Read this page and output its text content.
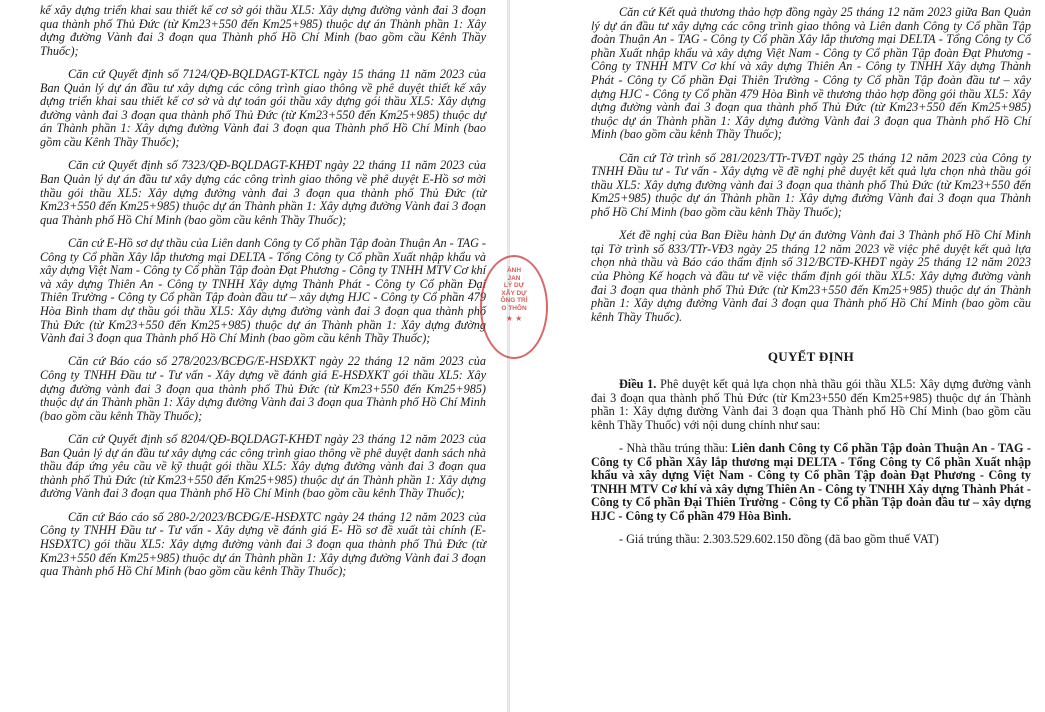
kế xây dựng triển khai sau thiết kế cơ sở gói thầu XL5: Xây dựng đường vành đai 3 đoạn qua thành phố Thủ Đức (từ Km23+550 đến Km25+985) thuộc dự án Thành phần 1: Xây dựng đường Vành đai 3 đoạn qua Thành phố Hồ Chí Minh (bao gồm cầu Kênh Thầy Thuốc);

Căn cứ Quyết định số 7124/QĐ-BQLDAGT-KTCL ngày 15 tháng 11 năm 2023 của Ban Quản lý dự án đầu tư xây dựng các công trình giao thông về phê duyệt thiết kế xây dựng triển khai sau thiết kế cơ sở và dự toán gói thầu xây dựng gói thầu XL5: Xây dựng đường vành đai 3 đoạn qua thành phố Thủ Đức (từ Km23+550 đến Km25+985) thuộc dự án Thành phần 1: Xây dựng đường Vành đai 3 đoạn qua Thành phố Hồ Chí Minh (bao gồm cầu Kênh Thầy Thuốc);

Căn cứ Quyết định số 7323/QĐ-BQLDAGT-KHĐT ngày 22 tháng 11 năm 2023 của Ban Quản lý dự án đầu tư xây dựng các công trình giao thông về phê duyệt E-Hồ sơ mời thầu gói thầu XL5: Xây dựng đường vành đai 3 đoạn qua thành phố Thủ Đức (từ Km23+550 đến Km25+985) thuộc dự án Thành phần 1: Xây dựng đường Vành đai 3 đoạn qua Thành phố Hồ Chí Minh (bao gồm cầu kênh Thầy Thuốc);

Căn cứ E-Hồ sơ dự thầu của Liên danh Công ty Cổ phần Tập đoàn Thuận An - TAG - Công ty Cổ phần Xây lắp thương mại DELTA - Tổng Công ty Cổ phần Xuất nhập khẩu và xây dựng Việt Nam - Công ty Cổ phần Tập đoàn Đạt Phương - Công ty TNHH MTV Cơ khí và xây dựng Thiên An - Công ty TNHH Xây dựng Thành Phát - Công ty Cổ phần Đại Thiên Trường - Công ty Cổ phần Tập đoàn đầu tư – xây dựng HJC - Công ty Cổ phần 479 Hòa Bình tham dự thầu gói thầu XL5: Xây dựng đường vành đai 3 đoạn qua thành phố Thủ Đức (từ Km23+550 đến Km25+985) thuộc dự án Thành phần 1: Xây dựng đường Vành đai 3 đoạn qua Thành phố Hồ Chí Minh (bao gồm cầu kênh Thầy Thuốc);

Căn cứ Báo cáo số 278/2023/BCĐG/E-HSĐXKT ngày 22 tháng 12 năm 2023 của Công ty TNHH Đầu tư - Tư vấn - Xây dựng về đánh giá E-HSĐXKT gói thầu XL5: Xây dựng đường vành đai 3 đoạn qua thành phố Thủ Đức (từ Km23+550 đến Km25+985) thuộc dự án Thành phần 1: Xây dựng đường Vành đai 3 đoạn qua Thành phố Hồ Chí Minh (bao gồm cầu kênh Thầy Thuốc);

Căn cứ Quyết định số 8204/QĐ-BQLDAGT-KHĐT ngày 23 tháng 12 năm 2023 của Ban Quản lý dự án đầu tư xây dựng các công trình giao thông về phê duyệt danh sách nhà thầu đáp ứng yêu cầu về kỹ thuật gói thầu XL5: Xây dựng đường vành đai 3 đoạn qua thành phố Thủ Đức (từ Km23+550 đến Km25+985) thuộc dự án Thành phần 1: Xây dựng đường Vành đai 3 đoạn qua Thành phố Hồ Chí Minh (bao gồm cầu kênh Thầy Thuốc);

Căn cứ Báo cáo số 280-2/2023/BCĐG/E-HSĐXTC ngày 24 tháng 12 năm 2023 của Công ty TNHH Đầu tư - Tư vấn - Xây dựng về đánh giá E- Hồ sơ đề xuất tài chính (E-HSĐXTC) gói thầu XL5: Xây dựng đường vành đai 3 đoạn qua thành phố Thủ Đức (từ Km23+550 đến Km25+985) thuộc dự án Thành phần 1: Xây dựng đường Vành đai 3 đoạn qua Thành phố Hồ Chí Minh (bao gồm cầu kênh Thầy Thuốc);

Căn cứ Kết quả thương thảo hợp đồng ngày 25 tháng 12 năm 2023 giữa Ban Quản lý dự án đầu tư xây dựng các công trình giao thông và Liên danh Công ty Cổ phần Tập đoàn Thuận An - TAG - Công ty Cổ phần Xây lắp thương mại DELTA - Tổng Công ty Cổ phần Xuất nhập khẩu và xây dựng Việt Nam - Công ty Cổ phần Tập đoàn Đạt Phương - Công ty TNHH MTV Cơ khí và xây dựng Thiên An - Công ty TNHH Xây dựng Thành Phát - Công ty Cổ phần Đại Thiên Trường - Công ty Cổ phần Tập đoàn đầu tư – xây dựng HJC - Công ty Cổ phần 479 Hòa Bình về thương thảo hợp đồng gói thầu XL5: Xây dựng đường vành đai 3 đoạn qua thành phố Thủ Đức (từ Km23+550 đến Km25+985) thuộc dự án Thành phần 1: Xây dựng đường Vành đai 3 đoạn qua Thành phố Hồ Chí Minh (bao gồm cầu kênh Thầy Thuốc);

Căn cứ Tờ trình số 281/2023/TTr-TVĐT ngày 25 tháng 12 năm 2023 của Công ty TNHH Đầu tư - Tư vấn - Xây dựng về đề nghị phê duyệt kết quả lựa chọn nhà thầu gói thầu XL5: Xây dựng đường vành đai 3 đoạn qua thành phố Thủ Đức (từ Km23+550 đến Km25+985) thuộc dự án Thành phần 1: Xây dựng đường Vành đai 3 đoạn qua Thành phố Hồ Chí Minh (bao gồm cầu kênh Thầy Thuốc);

Xét đề nghị của Ban Điều hành Dự án đường Vành đai 3 Thành phố Hồ Chí Minh tại Tờ trình số 833/TTr-VĐ3 ngày 25 tháng 12 năm 2023 về việc phê duyệt kết quả lựa chọn nhà thầu và Báo cáo thẩm định số 312/BCTĐ-KHĐT ngày 25 tháng 12 năm 2023 của Phòng Kế hoạch và đầu tư về việc thẩm định gói thầu XL5: Xây dựng đường vành đai 3 đoạn qua thành phố Thủ Đức (từ Km23+550 đến Km25+985) thuộc dự án Thành phần 1: Xây dựng đường Vành đai 3 đoạn qua Thành phố Hồ Chí Minh (bao gồm cầu kênh Thầy Thuốc).

QUYẾT ĐỊNH

Điều 1. Phê duyệt kết quả lựa chọn nhà thầu gói thầu XL5: Xây dựng đường vành đai 3 đoạn qua thành phố Thủ Đức (từ Km23+550 đến Km25+985) thuộc dự án Thành phần 1: Xây dựng đường Vành đai 3 đoạn qua Thành phố Hồ Chí Minh (bao gồm cầu kênh Thầy Thuốc) với nội dung chính như sau:

- Nhà thầu trúng thầu: Liên danh Công ty Cổ phần Tập đoàn Thuận An - TAG - Công ty Cổ phần Xây lắp thương mại DELTA - Tổng Công ty Cổ phần Xuất nhập khẩu và xây dựng Việt Nam - Công ty Cổ phần Tập đoàn Đạt Phương - Công ty TNHH MTV Cơ khí và xây dựng Thiên An - Công ty TNHH Xây dựng Thành Phát - Công ty Cổ phần Đại Thiên Trường - Công ty Cổ phần Tập đoàn đầu tư – xây dựng HJC - Công ty Cổ phần 479 Hòa Bình.

- Giá trúng thầu: 2.303.529.602.150 đồng (đã bao gồm thuế VAT)

ÀNH
JAN
LÝ DỰ
XÂY DỰ
ÔNG TRÌ
O THÔN
★ ★
